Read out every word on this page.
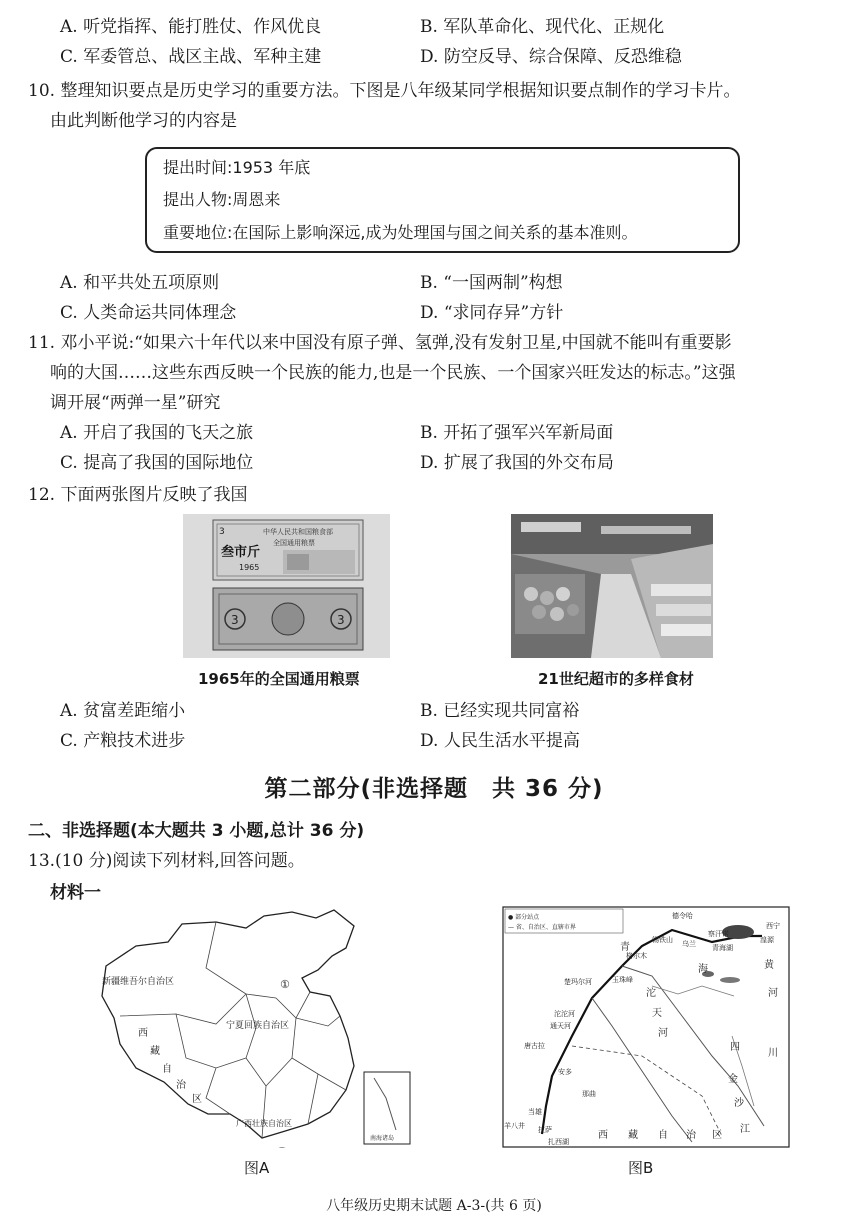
A. 听党指挥、能打胜仗、作风优良	B. 军队革命化、现代化、正规化
C. 军委管总、战区主战、军种主建	D. 防空反导、综合保障、反恐维稳
10. 整理知识要点是历史学习的重要方法。下图是八年级某同学根据知识要点制作的学习卡片。
由此判断他学习的内容是
提出时间:1953 年底
提出人物:周恩来
重要地位:在国际上影响深远,成为处理国与国之间关系的基本准则。
A. 和平共处五项原则	B. “一国两制”构想
C. 人类命运共同体理念	D. “求同存异”方针
11. 邓小平说:“如果六十年代以来中国没有原子弹、氢弹,没有发射卫星,中国就不能叫有重要影
响的大国……这些东西反映一个民族的能力,也是一个民族、一个国家兴旺发达的标志。”这强
调开展“两弹一星”研究
A. 开启了我国的飞天之旅	B. 开拓了强军兴军新局面
C. 提高了我国的国际地位	D. 扩展了我国的外交布局
12. 下面两张图片反映了我国
3	中华人民共和国粮食部
全国通用粮票
叁市斤
1965
3	3
1965年的全国通用粮票	21世纪超市的多样食材
A. 贫富差距缩小	B. 已经实现共同富裕
C. 产粮技术进步	D. 人民生活水平提高
第二部分(非选择题　共 36 分)
二、非选择题(本大题共 3 小题,总计 36 分)
13.(10 分)阅读下列材料,回答问题。
材料一
新疆维吾尔自治区
宁夏回族自治区
①
西
藏
自
治
区
广西壮族自治区
南海诸岛
图A
● 部分站点
— 省、自治区、直辖市界
德令哈
锡铁山
格尔木
乌兰
察汗诺
青海湖
西宁
湟源
楚玛尔河	玉珠峰
沱沱河
通天河
唐古拉
安多
那曲
当雄
羊八井 拉萨
扎西湖
青
海	黄
河
沱
天
河
四
川
金
沙
江
西 藏 自 治 区
图B
八年级历史期末试题 A-3-(共 6 页)
